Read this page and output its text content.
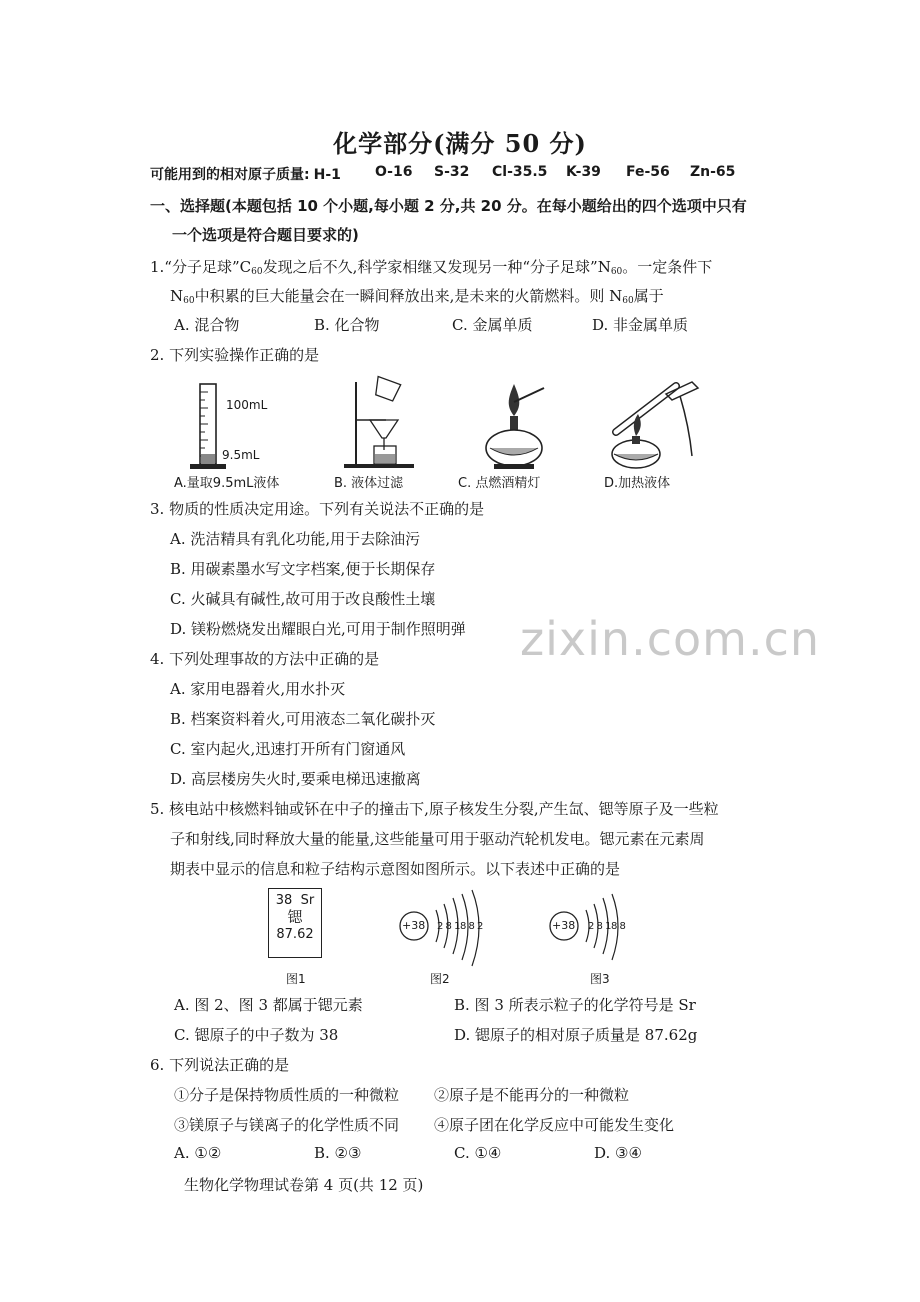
zixin.com.cn
化学部分(满分 50 分)
可能用到的相对原子质量: H-1 O-16 S-32 Cl-35.5 K-39 Fe-56 Zn-65
一、选择题(本题包括 10 个小题,每小题 2 分,共 20 分。在每小题给出的四个选项中只有
一个选项是符合题目要求的)
1.“分子足球$”C_{60}$发现之后不久,科学家相继又发现另一种“分子足球$”N_{60}$。一定条件下
$N_{60}$中积累的巨大能量会在一瞬间释放出来,是未来的火箭燃料。则 $N_{60}$属于
A. 混合物	B. 化合物	C. 金属单质	D. 非金属单质
2. 下列实验操作正确的是
100mL
9.5mL
A.量取9.5mL液体	B. 液体过滤	C. 点燃酒精灯	D.加热液体
3. 物质的性质决定用途。下列有关说法不正确的是
A. 洗洁精具有乳化功能,用于去除油污
B. 用碳素墨水写文字档案,便于长期保存
C. 火碱具有碱性,故可用于改良酸性土壤
D. 镁粉燃烧发出耀眼白光,可用于制作照明弹
4. 下列处理事故的方法中正确的是
A. 家用电器着火,用水扑灭
B. 档案资料着火,可用液态二氧化碳扑灭
C. 室内起火,迅速打开所有门窗通风
D. 高层楼房失火时,要乘电梯迅速撤离
5. 核电站中核燃料铀或钚在中子的撞击下,原子核发生分裂,产生氙、锶等原子及一些粒
子和射线,同时释放大量的能量,这些能量可用于驱动汽轮机发电。锶元素在元素周
期表中显示的信息和粒子结构示意图如图所示。以下表述中正确的是
38 Sr
锶
87.62
+38 2 8 18 8 2	+38 2 8 18 8
图1	图2	图3
A. 图 2、图 3 都属于锶元素	B. 图 3 所表示粒子的化学符号是 Sr
C. 锶原子的中子数为 38	D. 锶原子的相对原子质量是 87.62g
6. 下列说法正确的是
①分子是保持物质性质的一种微粒 ②原子是不能再分的一种微粒
③镁原子与镁离子的化学性质不同 ④原子团在化学反应中可能发生变化
A. ①②	B. ②③	C. ①④	D. ③④
生物化学物理试卷第 4 页(共 12 页)
